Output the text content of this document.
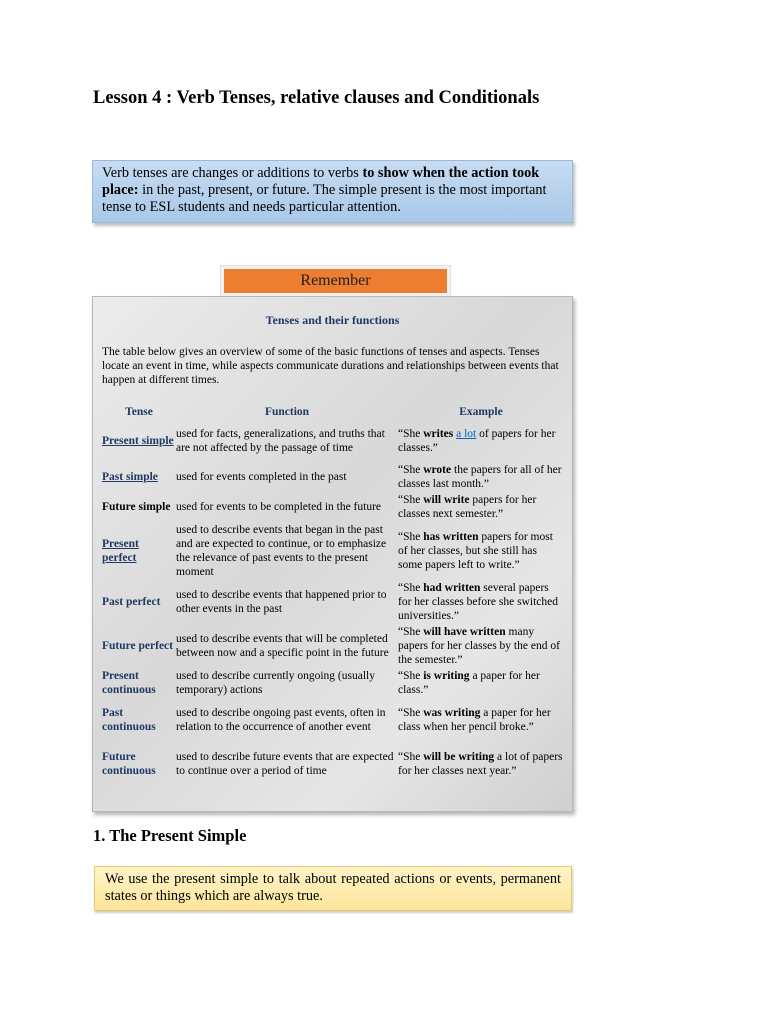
Lesson 4 : Verb Tenses, relative clauses and Conditionals
Verb tenses are changes or additions to verbs to show when the action took place: in the past, present, or future. The simple present is the most important tense to ESL students and needs particular attention.
Remember
Tenses and their functions
The table below gives an overview of some of the basic functions of tenses and aspects. Tenses locate an event in time, while aspects communicate durations and relationships between events that happen at different times.
Tense	Function	Example
Present simple	used for facts, generalizations, and truths that are not affected by the passage of time	“She writes a lot of papers for her classes.”
Past simple	used for events completed in the past	“She wrote the papers for all of her classes last month.”
Future simple	used for events to be completed in the future	“She will write papers for her classes next semester.”
Present perfect	used to describe events that began in the past and are expected to continue, or to emphasize the relevance of past events to the present moment	“She has written papers for most of her classes, but she still has some papers left to write.”
Past perfect	used to describe events that happened prior to other events in the past	“She had written several papers for her classes before she switched universities.”
Future perfect	used to describe events that will be completed between now and a specific point in the future	“She will have written many papers for her classes by the end of the semester.”
Present continuous	used to describe currently ongoing (usually temporary) actions	“She is writing a paper for her class.”
Past continuous	used to describe ongoing past events, often in relation to the occurrence of another event	“She was writing a paper for her class when her pencil broke.”
Future continuous	used to describe future events that are expected to continue over a period of time	“She will be writing a lot of papers for her classes next year.”
1. The Present Simple
We use the present simple to talk about repeated actions or events, permanent states or things which are always true.
